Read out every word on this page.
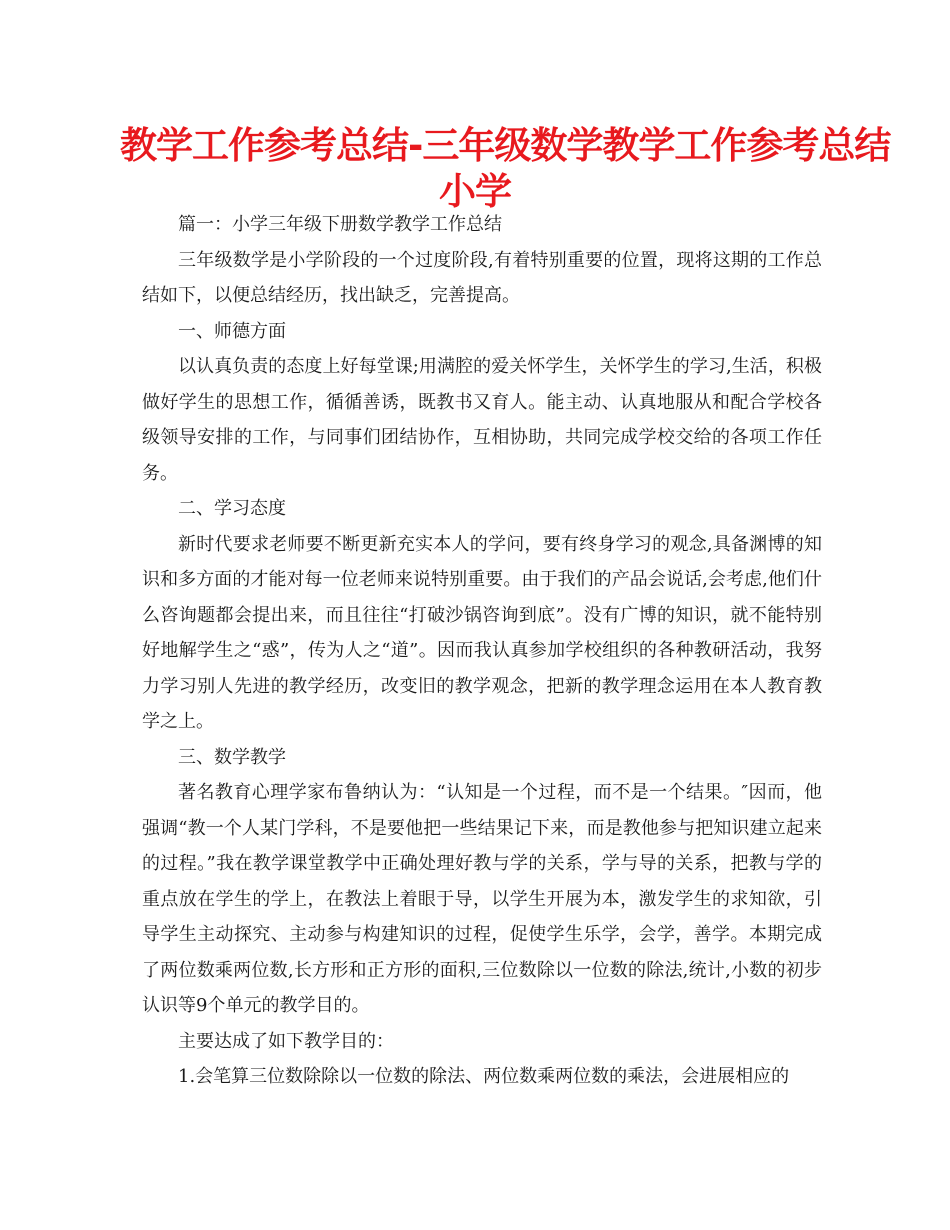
教学工作参考总结-三年级数学教学工作参考总结
小学

篇一：小学三年级下册数学教学工作总结

三年级数学是小学阶段的一个过度阶段,有着特别重要的位置，现将这期的工作总结如下，以便总结经历，找出缺乏，完善提高。

一、师德方面

以认真负责的态度上好每堂课;用满腔的爱关怀学生，关怀学生的学习,生活，积极做好学生的思想工作，循循善诱，既教书又育人。能主动、认真地服从和配合学校各级领导安排的工作，与同事们团结协作，互相协助，共同完成学校交给的各项工作任务。

二、学习态度

新时代要求老师要不断更新充实本人的学问，要有终身学习的观念,具备渊博的知识和多方面的才能对每一位老师来说特别重要。由于我们的产品会说话,会考虑,他们什么咨询题都会提出来，而且往往“打破沙锅咨询到底”。没有广博的知识，就不能特别好地解学生之“惑”，传为人之“道”。因而我认真参加学校组织的各种教研活动，我努力学习别人先进的教学经历，改变旧的教学观念，把新的教学理念运用在本人教育教学之上。

三、数学教学

著名教育心理学家布鲁纳认为：“认知是一个过程，而不是一个结果。″因而，他强调“教一个人某门学科，不是要他把一些结果记下来，而是教他参与把知识建立起来的过程。”我在教学课堂教学中正确处理好教与学的关系，学与导的关系，把教与学的重点放在学生的学上，在教法上着眼于导，以学生开展为本，激发学生的求知欲，引导学生主动探究、主动参与构建知识的过程，促使学生乐学，会学，善学。本期完成了两位数乘两位数,长方形和正方形的面积,三位数除以一位数的除法,统计,小数的初步认识等9个单元的教学目的。

主要达成了如下教学目的：

1.会笔算三位数除除以一位数的除法、两位数乘两位数的乘法，会进展相应的
